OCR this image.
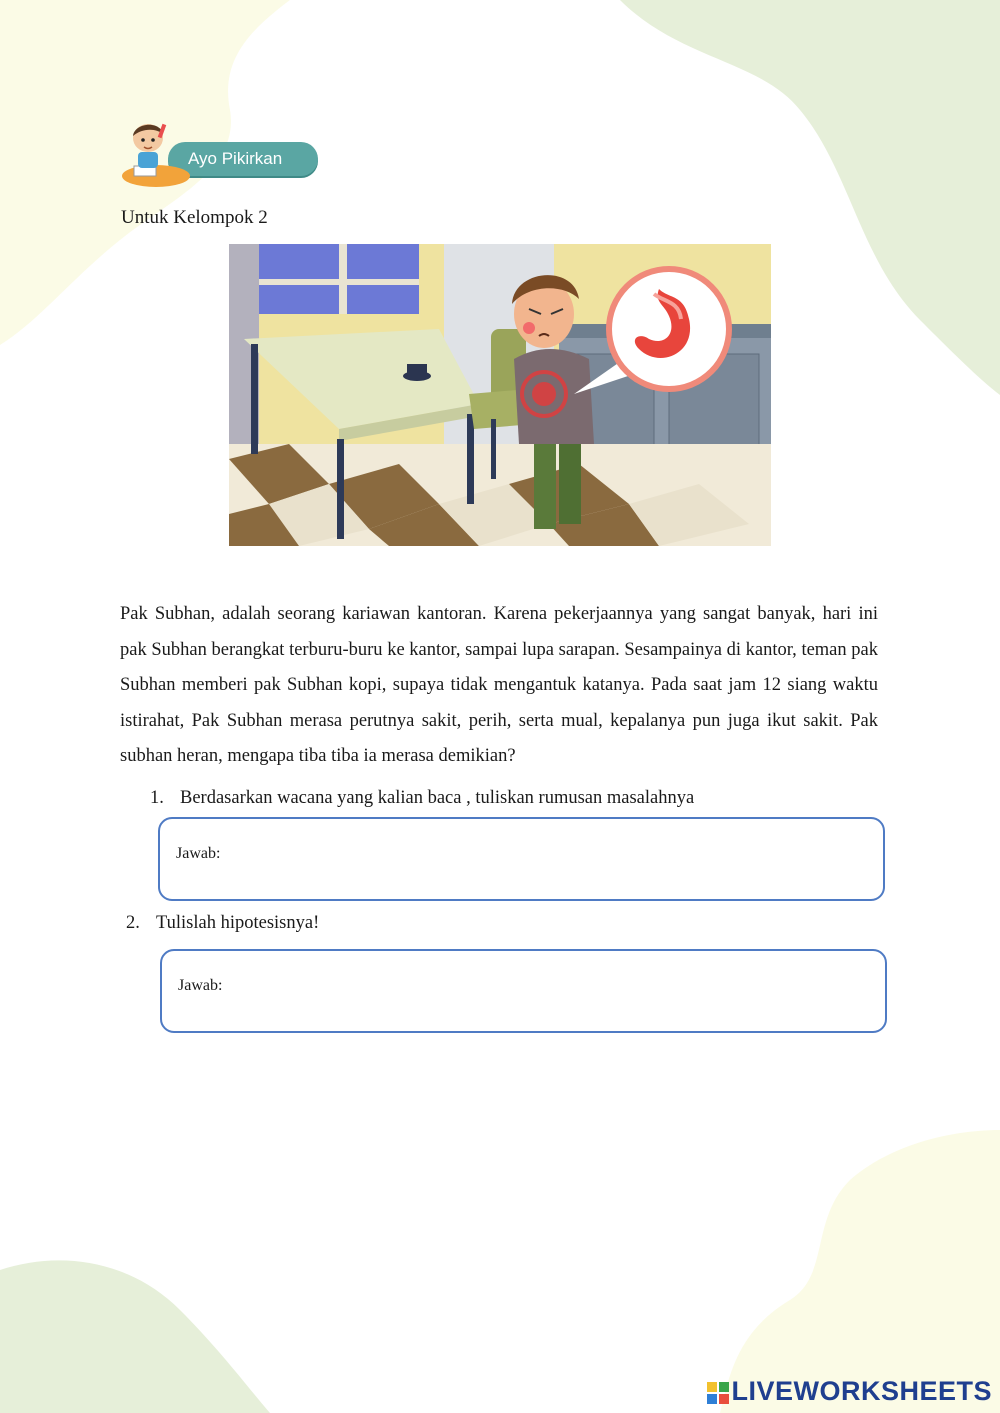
Ayo Pikirkan
Untuk Kelompok 2
Pak Subhan, adalah seorang kariawan kantoran. Karena pekerjaannya yang sangat banyak, hari ini pak Subhan berangkat terburu-buru ke kantor, sampai lupa sarapan. Sesampainya di kantor, teman pak Subhan memberi pak Subhan kopi, supaya tidak mengantuk katanya. Pada saat jam 12 siang waktu istirahat, Pak Subhan merasa perutnya sakit, perih, serta mual, kepalanya pun juga ikut sakit. Pak subhan heran, mengapa tiba tiba ia merasa demikian?
1. Berdasarkan wacana yang kalian baca , tuliskan rumusan masalahnya
Jawab:
2. Tulislah hipotesisnya!
Jawab:
LIVEWORKSHEETS
